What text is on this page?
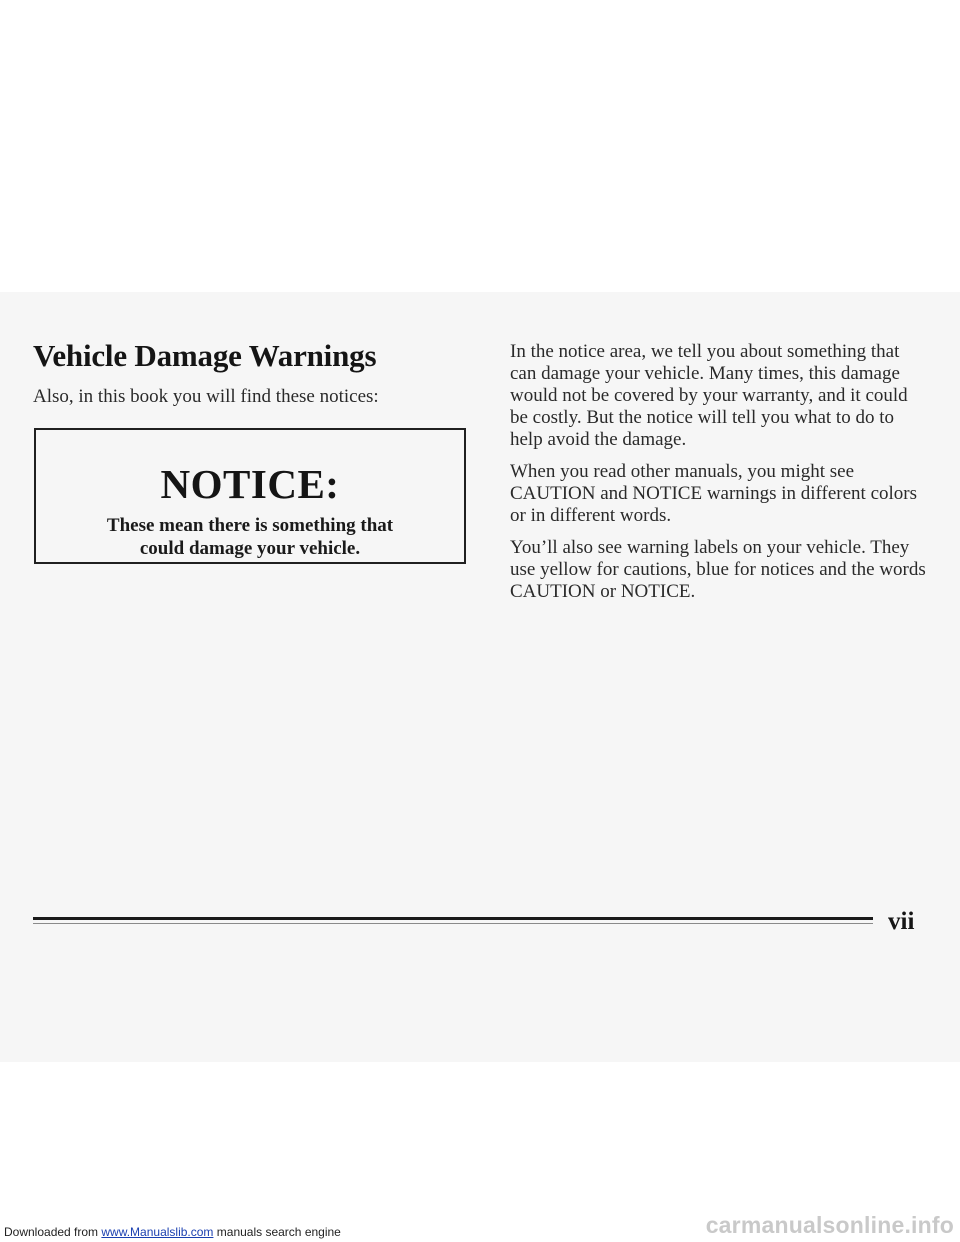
Vehicle Damage Warnings

Also, in this book you will find these notices:

NOTICE:
These mean there is something that
could damage your vehicle.

In the notice area, we tell you about something that can damage your vehicle. Many times, this damage would not be covered by your warranty, and it could be costly. But the notice will tell you what to do to help avoid the damage.

When you read other manuals, you might see CAUTION and NOTICE warnings in different colors or in different words.

You’ll also see warning labels on your vehicle. They use yellow for cautions, blue for notices and the words CAUTION or NOTICE.

vii
Downloaded from www.Manualslib.com manuals search engine	carmanualsonline.info
